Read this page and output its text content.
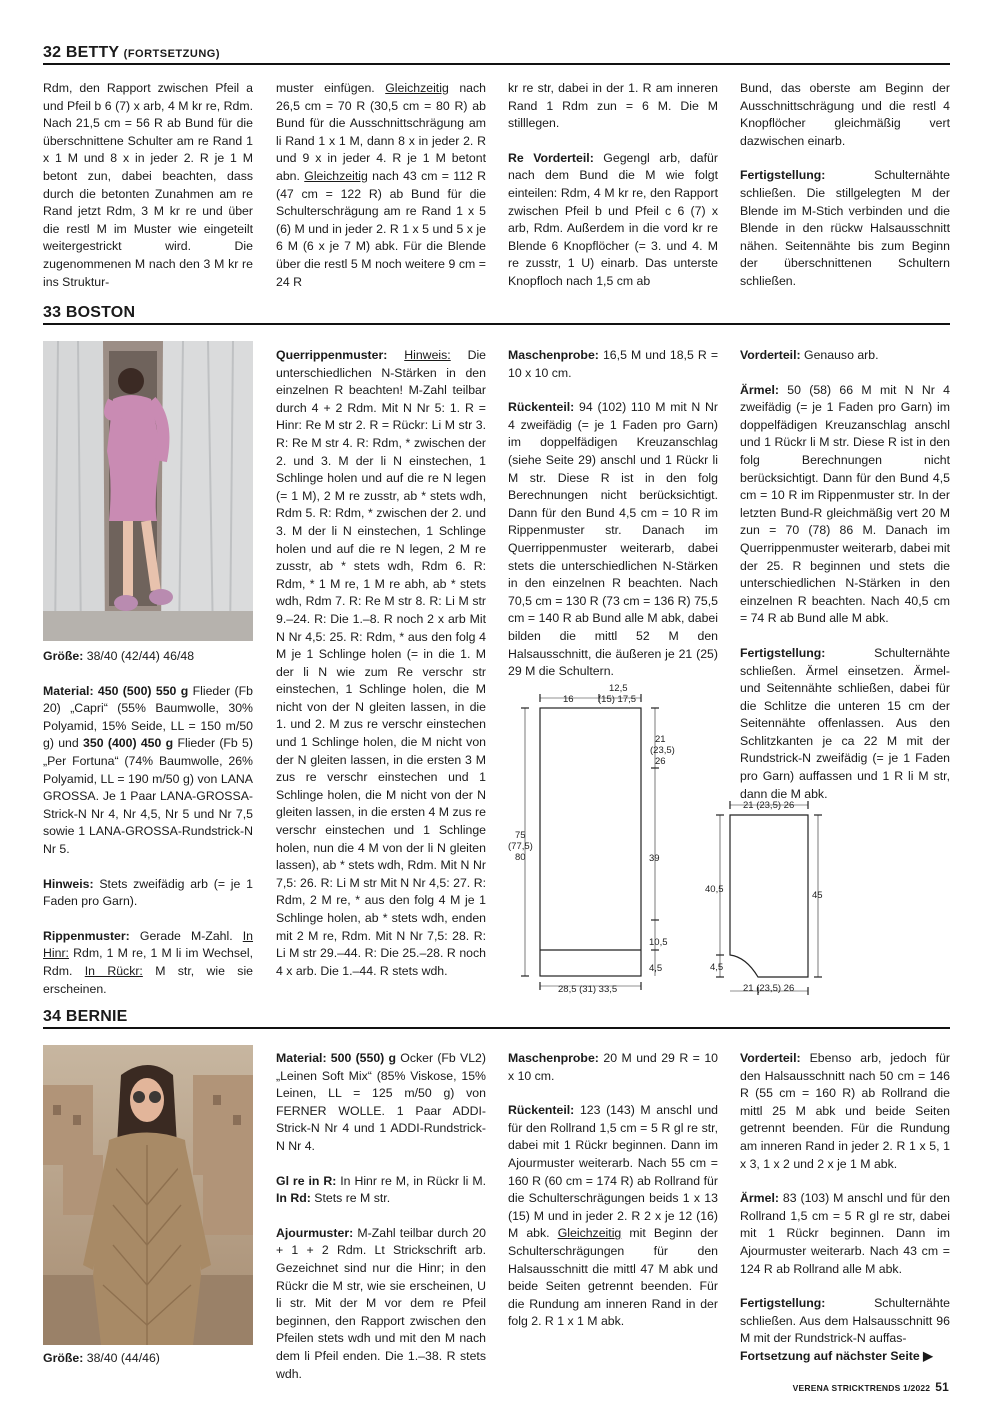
32 BETTY (FORTSETZUNG)

Rdm, den Rapport zwischen Pfeil a und Pfeil b 6 (7) x arb, 4 M kr re, Rdm. Nach 21,5 cm = 56 R ab Bund für die überschnittene Schulter am re Rand 1 x 1 M und 8 x in jeder 2. R je 1 M betont zun, dabei beachten, dass durch die betonten Zunahmen am re Rand jetzt Rdm, 3 M kr re und über die restl M im Muster wie eingeteilt weitergestrickt wird. Die zugenommenen M nach den 3 M kr re ins Struktur-

muster einfügen. Gleichzeitig nach 26,5 cm = 70 R (30,5 cm = 80 R) ab Bund für die Ausschnittschrägung am li Rand 1 x 1 M, dann 8 x in jeder 2. R und 9 x in jeder 4. R je 1 M betont abn. Gleichzeitig nach 43 cm = 112 R (47 cm = 122 R) ab Bund für die Schulterschrägung am re Rand 1 x 5 (6) M und in jeder 2. R 1 x 5 und 5 x je 6 M (6 x je 7 M) abk. Für die Blende über die restl 5 M noch weitere 9 cm = 24 R

kr re str, dabei in der 1. R am inneren Rand 1 Rdm zun = 6 M. Die M stilllegen.

Re Vorderteil: Gegengl arb, dafür nach dem Bund die M wie folgt einteilen: Rdm, 4 M kr re, den Rapport zwischen Pfeil b und Pfeil c 6 (7) x arb, Rdm. Außerdem in die vord kr re Blende 6 Knopflöcher (= 3. und 4. M re zusstr, 1 U) einarb. Das unterste Knopfloch nach 1,5 cm ab

Bund, das oberste am Beginn der Ausschnittschrägung und die restl 4 Knopflöcher gleichmäßig vert dazwischen einarb.

Fertigstellung:	Schulternähte schließen. Die stillgelegten M der Blende im M-Stich verbinden und die Blende in den rückw Halsausschnitt nähen. Seitennähte bis zum Beginn der überschnittenen Schultern schließen.

33 BOSTON

Größe: 38/40 (42/44) 46/48

Material: 450 (500) 550 g Flieder (Fb 20) „Capri“ (55% Baumwolle, 30% Polyamid, 15% Seide, LL = 150 m/50 g) und 350 (400) 450 g Flieder (Fb 5) „Per Fortuna“ (74% Baumwolle, 26% Polyamid, LL = 190 m/50 g) von LANA GROSSA. Je 1 Paar LANA-GROSSA-Strick-N Nr 4, Nr 4,5, Nr 5 und Nr 7,5 sowie 1 LANA-GROSSA-Rundstrick-N Nr 5.

Hinweis: Stets zweifädig arb (= je 1 Faden pro Garn).

Rippenmuster: Gerade M-Zahl. In Hinr: Rdm, 1 M re, 1 M li im Wechsel, Rdm. In Rückr: M str, wie sie erscheinen.

Querrippenmuster: Hinweis: Die unterschiedlichen N-Stärken in den einzelnen R beachten! M-Zahl teilbar durch 4 + 2 Rdm. Mit N Nr 5: 1. R = Hinr: Re M str 2. R = Rückr: Li M str 3. R: Re M str 4. R: Rdm, * zwischen der 2. und 3. M der li N einstechen, 1 Schlinge holen und auf die re N legen (= 1 M), 2 M re zusstr, ab * stets wdh, Rdm 5. R: Rdm, * zwischen der 2. und 3. M der li N einstechen, 1 Schlinge holen und auf die re N legen, 2 M re zusstr, ab * stets wdh, Rdm 6. R: Rdm, * 1 M re, 1 M re abh, ab * stets wdh, Rdm 7. R: Re M str 8. R: Li M str 9.–24. R: Die 1.–8. R noch 2 x arb Mit N Nr 4,5: 25. R: Rdm, * aus den folg 4 M je 1 Schlinge holen (= in die 1. M der li N wie zum Re verschr str einstechen, 1 Schlinge holen, die M nicht von der N gleiten lassen, in die 1. und 2. M zus re verschr einstechen und 1 Schlinge holen, die M nicht von der N gleiten lassen, in die ersten 3 M zus re verschr einstechen und 1 Schlinge holen, die M nicht von der N gleiten lassen, in die ersten 4 M zus re verschr einstechen und 1 Schlinge holen, nun die 4 M von der li N gleiten lassen), ab * stets wdh, Rdm. Mit N Nr 7,5: 26. R: Li M str Mit N Nr 4,5: 27. R: Rdm, 2 M re, * aus den folg 4 M je 1 Schlinge holen, ab * stets wdh, enden mit 2 M re, Rdm. Mit N Nr 7,5: 28. R: Li M str 29.–44. R: Die 25.–28. R noch 4 x arb. Die 1.–44. R stets wdh.

Maschenprobe: 16,5 M und 18,5 R = 10 x 10 cm.

Rückenteil: 94 (102) 110 M mit N Nr 4 zweifädig (= je 1 Faden pro Garn) im doppelfädigen Kreuzanschlag (siehe Seite 29) anschl und 1 Rückr li M str. Diese R ist in den folg Berechnungen nicht berücksichtigt. Dann für den Bund 4,5 cm = 10 R im Rippenmuster str. Danach im Querrippenmuster weiterarb, dabei stets die unterschiedlichen N-Stärken in den einzelnen R beachten. Nach 70,5 cm = 130 R (73 cm = 136 R) 75,5 cm = 140 R ab Bund alle M abk, dabei bilden die mittl 52 M den Halsausschnitt, die äußeren je 21 (25) 29 M die Schultern.

Vorderteil: Genauso arb.

Ärmel: 50 (58) 66 M mit N Nr 4 zweifädig (= je 1 Faden pro Garn) im doppelfädigen Kreuzanschlag anschl und 1 Rückr li M str. Diese R ist in den folg Berechnungen nicht berücksichtigt. Dann für den Bund 4,5 cm = 10 R im Rippenmuster str. In der letzten Bund-R gleichmäßig vert 20 M zun = 70 (78) 86 M. Danach im Querrippenmuster weiterarb, dabei mit der 25. R beginnen und stets die unterschiedlichen N-Stärken in den einzelnen R beachten. Nach 40,5 cm = 74 R ab Bund alle M abk.

Fertigstellung:	Schulternähte schließen. Ärmel einsetzen. Ärmel- und Seitennähte schließen, dabei für die Schlitze die unteren 15 cm der Seitennähte offenlassen. Aus den Schlitzkanten je ca 22 M mit der Rundstrick-N zweifädig (= je 1 Faden pro Garn) auffassen und 1 R li M str, dann die M abk.

16
12,5
(15) 17,5
21
(23,5)
26
75
(77,5)
80	39
10,5
4,5
28,5 (31) 33,5
21 (23,5) 26
40,5
45
4,5
21 (23,5) 26
34 BERNIE

Größe: 38/40 (44/46)

Material: 500 (550) g Ocker (Fb VL2) „Leinen Soft Mix“ (85% Viskose, 15% Leinen, LL = 125 m/50 g) von FERNER WOLLE. 1 Paar ADDI-Strick-N Nr 4 und 1 ADDI-Rundstrick-N Nr 4.

Gl re in R: In Hinr re M, in Rückr li M. In Rd: Stets re M str.

Ajourmuster: M-Zahl teilbar durch 20 + 1 + 2 Rdm. Lt Strickschrift arb. Gezeichnet sind nur die Hinr; in den Rückr die M str, wie sie erscheinen, U li str. Mit der M vor dem re Pfeil beginnen, den Rapport zwischen den Pfeilen stets wdh und mit den M nach dem li Pfeil enden. Die 1.–38. R stets wdh.

Maschenprobe: 20 M und 29 R = 10 x 10 cm.

Rückenteil: 123 (143) M anschl und für den Rollrand 1,5 cm = 5 R gl re str, dabei mit 1 Rückr beginnen. Dann im Ajourmuster weiterarb. Nach 55 cm = 160 R (60 cm = 174 R) ab Rollrand für die Schulterschrägungen beids 1 x 13 (15) M und in jeder 2. R 2 x je 12 (16) M abk. Gleichzeitig mit Beginn der Schulterschrägungen für den Halsausschnitt die mittl 47 M abk und beide Seiten getrennt beenden. Für die Rundung am inneren Rand in der folg 2. R 1 x 1 M abk.

Vorderteil: Ebenso arb, jedoch für den Halsausschnitt nach 50 cm = 146 R (55 cm = 160 R) ab Rollrand die mittl 25 M abk und beide Seiten getrennt beenden. Für die Rundung am inneren Rand in jeder 2. R 1 x 5, 1 x 3, 1 x 2 und 2 x je 1 M abk.

Ärmel: 83 (103) M anschl und für den Rollrand 1,5 cm = 5 R gl re str, dabei mit 1 Rückr beginnen. Dann im Ajourmuster weiterarb. Nach 43 cm = 124 R ab Rollrand alle M abk.

Fertigstellung:	Schulternähte schließen. Aus dem Halsausschnitt 96 M mit der Rundstrick-N auffas-

Fortsetzung auf nächster Seite ▶

VERENA STRICKTRENDS 1/2022 51
